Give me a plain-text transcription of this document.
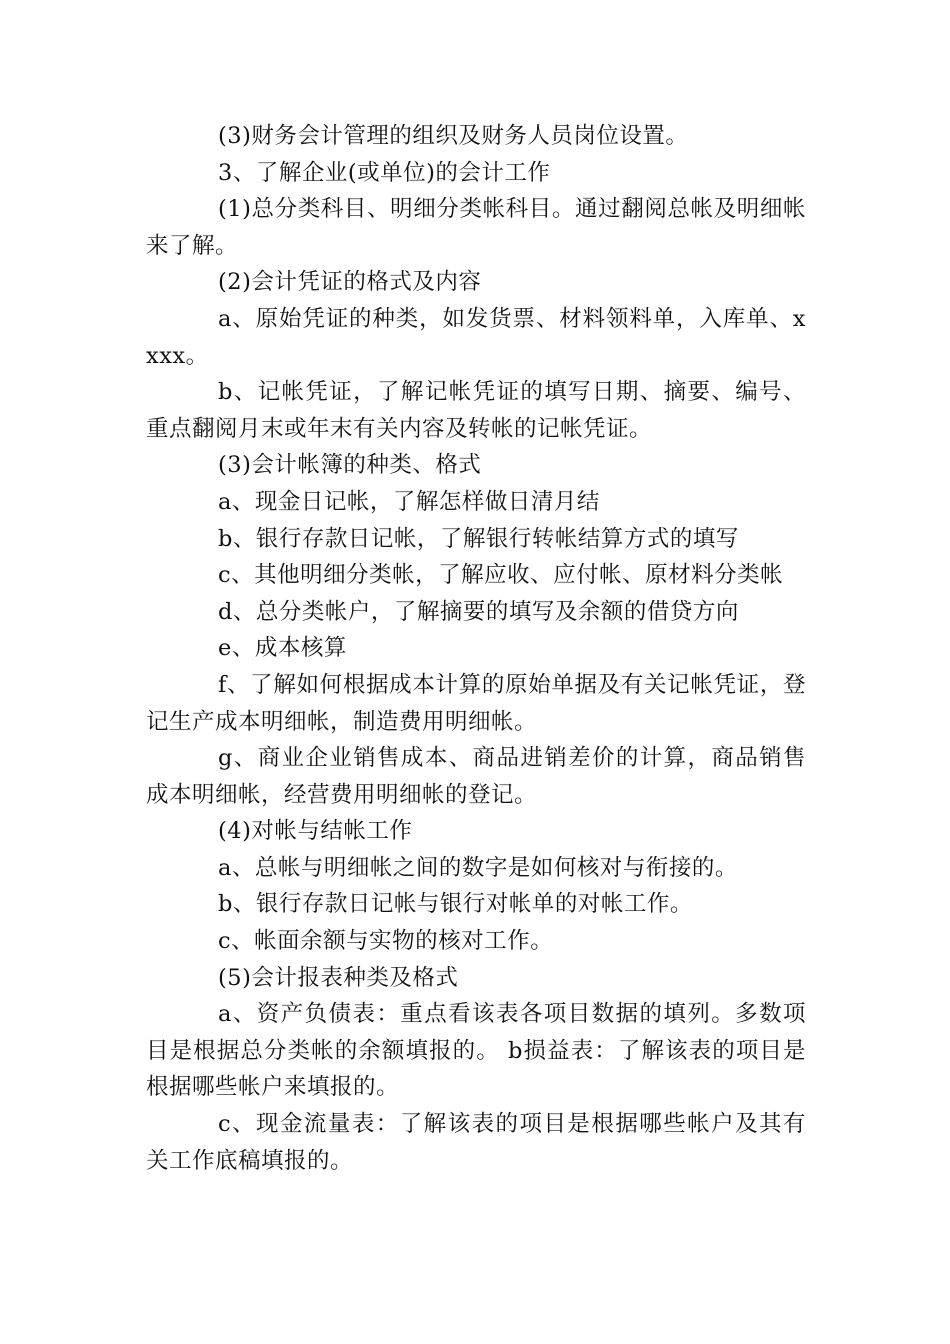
(3)财务会计管理的组织及财务人员岗位设置。

3、了解企业(或单位)的会计工作

(1)总分类科目、明细分类帐科目。通过翻阅总帐及明细帐来了解。

(2)会计凭证的格式及内容

a、原始凭证的种类，如发货票、材料领料单，入库单、xxxx。

b、记帐凭证，了解记帐凭证的填写日期、摘要、编号、重点翻阅月末或年末有关内容及转帐的记帐凭证。

(3)会计帐簿的种类、格式

a、现金日记帐，了解怎样做日清月结

b、银行存款日记帐，了解银行转帐结算方式的填写

c、其他明细分类帐，了解应收、应付帐、原材料分类帐

d、总分类帐户，了解摘要的填写及余额的借贷方向

e、成本核算

f、了解如何根据成本计算的原始单据及有关记帐凭证，登记生产成本明细帐，制造费用明细帐。

g、商业企业销售成本、商品进销差价的计算，商品销售成本明细帐，经营费用明细帐的登记。

(4)对帐与结帐工作

a、总帐与明细帐之间的数字是如何核对与衔接的。

b、银行存款日记帐与银行对帐单的对帐工作。

c、帐面余额与实物的核对工作。

(5)会计报表种类及格式

a、资产负债表：重点看该表各项目数据的填列。多数项目是根据总分类帐的余额填报的。 b损益表：了解该表的项目是根据哪些帐户来填报的。

c、现金流量表：了解该表的项目是根据哪些帐户及其有关工作底稿填报的。
